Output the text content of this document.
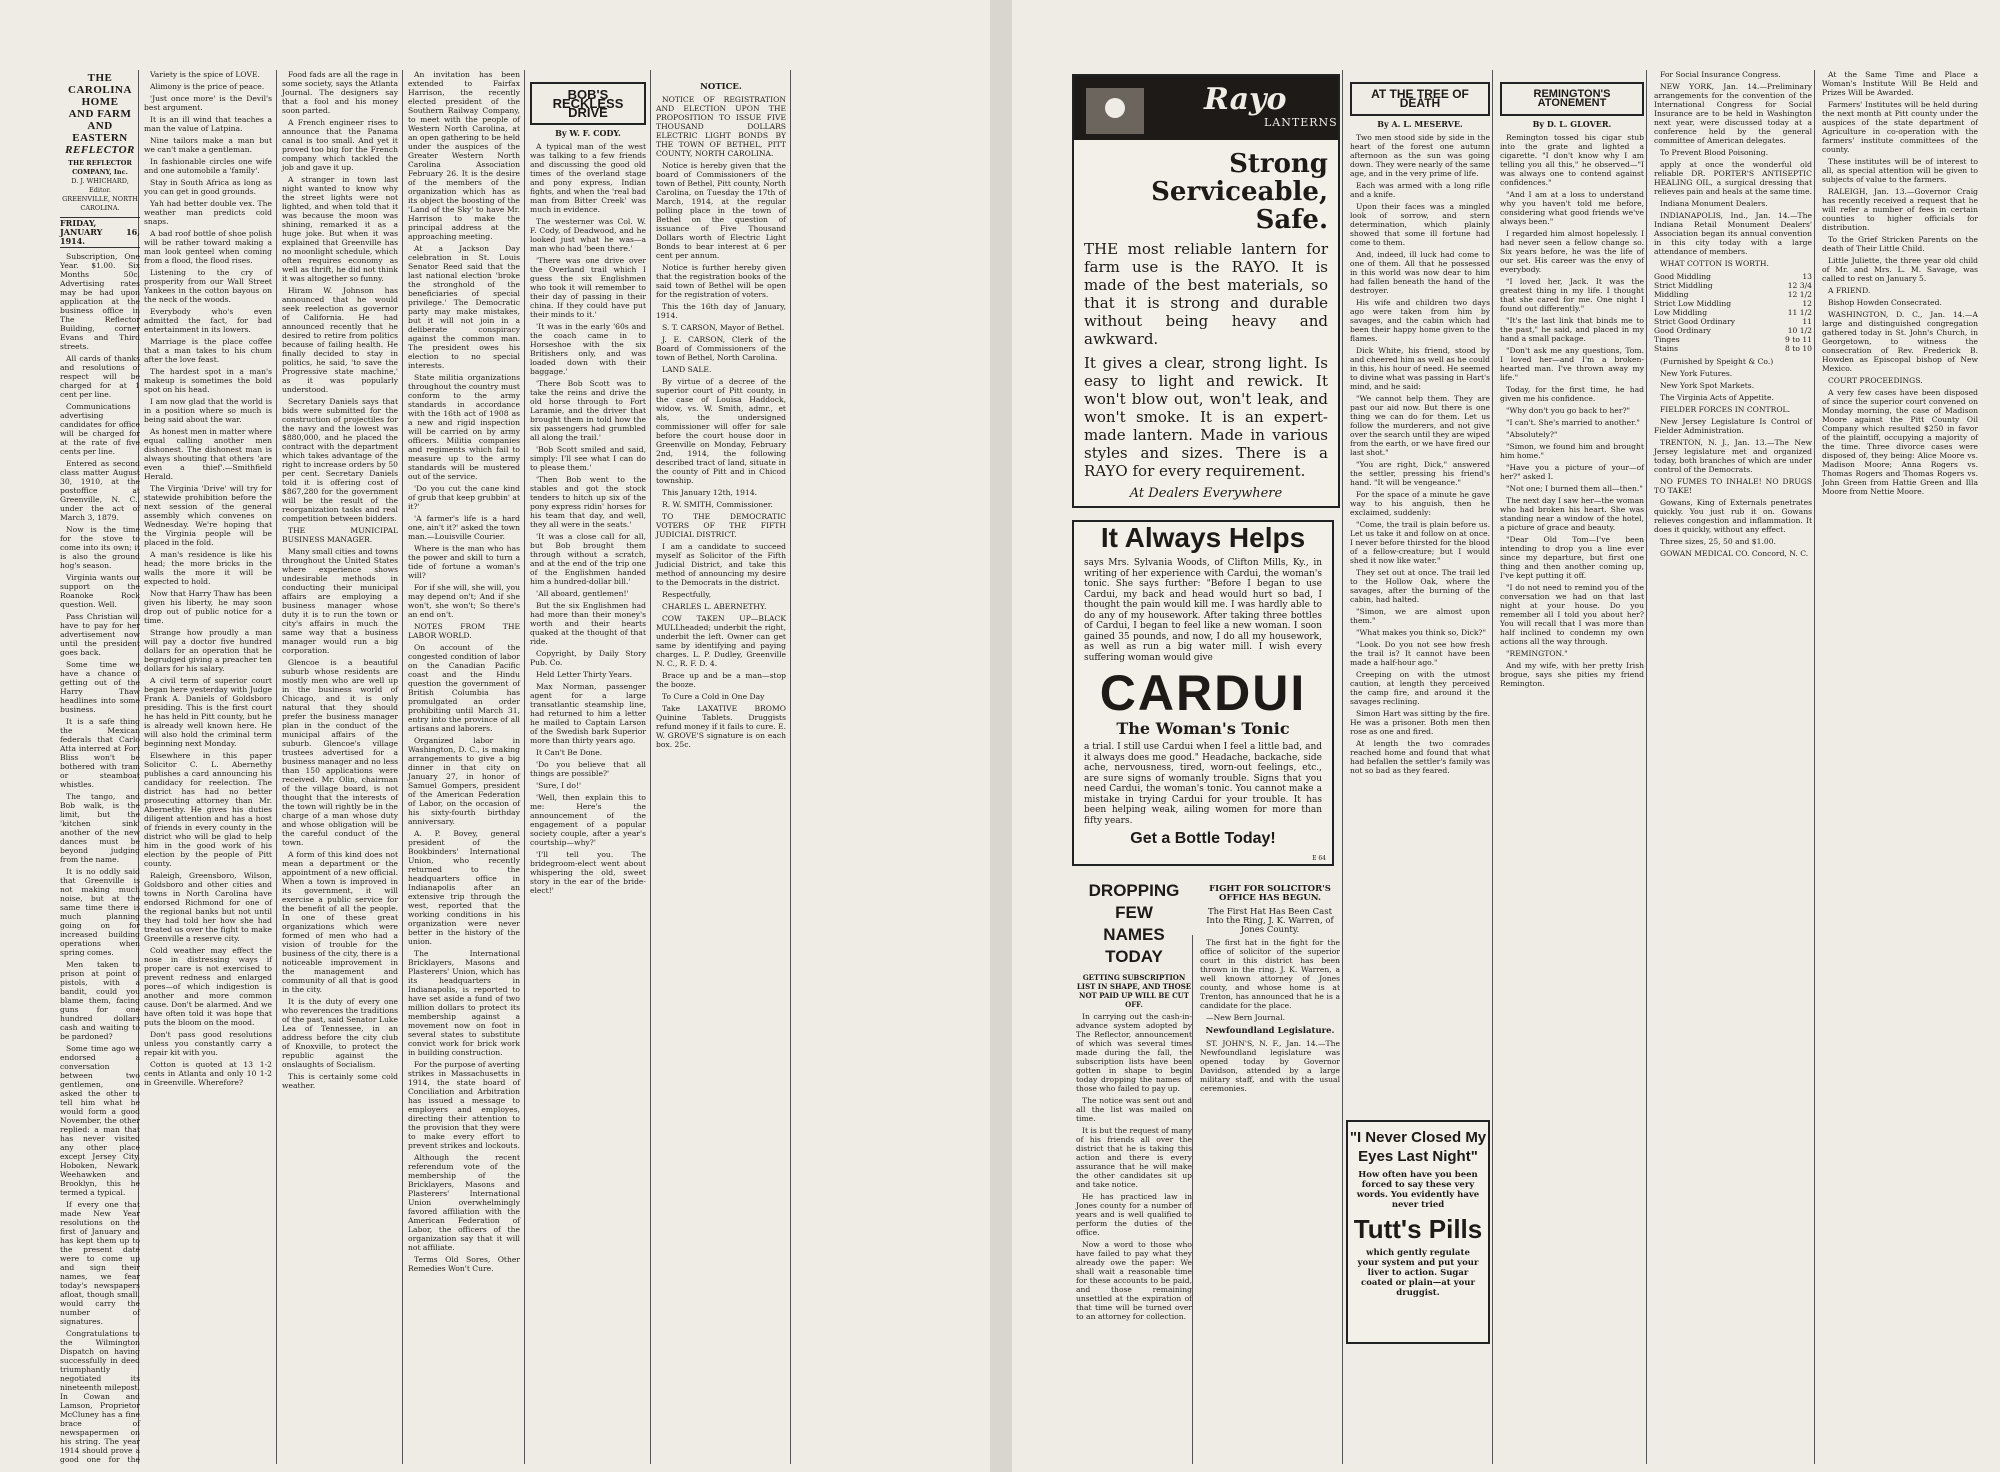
THE CAROLINA HOME
AND FARM AND EASTERN
REFLECTOR
THE REFLECTOR COMPANY, Inc.
D. J. WHICHARD, Editor.
GREENVILLE, NORTH CAROLINA.
FRIDAY, JANUARY 16, 1914.

Subscription, One Year. $1.00. Six Months 50c. Advertising rates may be had upon application at the business office in The Reflector Building, corner Evans and Third streets.

All cards of thanks and resolutions of respect will be charged for at 1 cent per line.

Communications advertising candidates for office will be charged for at the rate of five cents per line.

Entered as second class matter August 30, 1910, at the postoffice at Greenville, N. C., under the act of March 3, 1879.

Now is the time for the stove to come into its own; it is also the ground hog's season.

Virginia wants our support on the Roanoke Rock question. Well.

Pass Christian will have to pay for her advertisement now until the president goes back.

Some time we have a chance of getting out of the Harry Thaw headlines into some business.

It is a safe thing the Mexican federals that Carlo Atta interred at Fort Bliss won't be bothered with tram or steamboat whistles.

The tango, and Bob walk, is the limit, but the 'kitchen sink' another of the new dances must be beyond judging from the name.

It is no oddly said that Greenville is not making much noise, but at the same time there is much planning going on for increased building operations when spring comes.

Men taken to prison at point of pistols, with a bandit, could you blame them, facing guns for one hundred dollars cash and waiting to be pardoned?

Some time ago we endorsed a conversation between two gentlemen, one asked the other to tell him what he would form a good November, the other replied: a man that has never visited any other place except Jersey City, Hoboken, Newark, Weehawken and Brooklyn, this he termed a typical.

If every one that made New Year resolutions on the first of January and has kept them up to the present date were to come up and sign their names, we fear today's newspapers afloat, though small, would carry the number of signatures.

Congratulations to the Wilmington Dispatch on having successfully in deed triumphantly negotiated its nineteenth milepost. In Cowan and Lamson, Proprietor McCluney has a fine brace of newspapermen on his string. The year 1914 should prove a good one for the

Variety is the spice of LOVE.

Alimony is the price of peace.

'Just once more' is the Devil's best argument.

It is an ill wind that teaches a man the value of Latpina.

Nine tailors make a man but we can't make a gentleman.

In fashionable circles one wife and one automobile a 'family'.

Stay in South Africa as long as you can get in good grounds.

Yah had better double vex. The weather man predicts cold snaps.

A bad roof bottle of shoe polish will be rather toward making a man look genteel when coming from a flood, the flood rises.

Listening to the cry of prosperity from our Wall Street Yankees in the cotton bayous on the neck of the woods.

Everybody who's even admitted the fact, for bad entertainment in its lowers.

Marriage is the place coffee that a man takes to his chum after the love feast.

The hardest spot in a man's makeup is sometimes the bold spot on his head.

I am now glad that the world is in a position where so much is being said about the war.

As honest men in matter where equal calling another men dishonest. The dishonest man is always shouting that others 'are even a thief'.—Smithfield Herald.

The Virginia 'Drive' will try for statewide prohibition before the next session of the general assembly which convenes on Wednesday. We're hoping that the Virginia people will be placed in the fold.

A man's residence is like his head; the more bricks in the walls the more it will be expected to hold.

Now that Harry Thaw has been given his liberty, he may soon drop out of public notice for a time.

Strange how proudly a man will pay a doctor five hundred dollars for an operation that he begrudged giving a preacher ten dollars for his salary.

A civil term of superior court began here yesterday with Judge Frank A. Daniels of Goldsboro presiding. This is the first court he has held in Pitt county, but he is already well known here. He will also hold the criminal term beginning next Monday.

Elsewhere in this paper Solicitor C. L. Abernethy publishes a card announcing his candidacy for reelection. The district has had no better prosecuting attorney than Mr. Abernethy. He gives his duties diligent attention and has a host of friends in every county in the district who will be glad to help him in the good work of his election by the people of Pitt county.

Raleigh, Greensboro, Wilson, Goldsboro and other cities and towns in North Carolina have endorsed Richmond for one of the regional banks but not until they had told her how she had treated us over the fight to make Greenville a reserve city.

Cold weather may effect the nose in distressing ways if proper care is not exercised to prevent redness and enlarged pores—of which indigestion is another and more common cause. Don't be alarmed. And we have often told it was hope that puts the bloom on the mood.

Don't pass good resolutions unless you constantly carry a repair kit with you.

Cotton is quoted at 13 1-2 cents in Atlanta and only 10 1-2 in Greenville. Wherefore?

Food fads are all the rage in some society, says the Atlanta Journal. The designers say that a fool and his money soon parted.

A French engineer rises to announce that the Panama canal is too small. And yet it proved too big for the French company which tackled the job and gave it up.

A stranger in town last night wanted to know why the street lights were not lighted, and when told that it was because the moon was shining, remarked it as a huge joke. But when it was explained that Greenville has no moonlight schedule, which often requires economy as well as thrift, he did not think it was altogether so funny.

Hiram W. Johnson has announced that he would seek reelection as governor of California. He had announced recently that he desired to retire from politics because of failing health. He finally decided to stay in politics, he said, 'to save the Progressive state machine,' as it was popularly understood.

Secretary Daniels says that bids were submitted for the construction of projectiles for the navy and the lowest was $880,000, and he placed the contract with the department which takes advantage of the right to increase orders by 50 per cent. Secretary Daniels told it is offering cost of $867,280 for the government will be the result of the reorganization tasks and real competition between bidders.

THE MUNICIPAL BUSINESS MANAGER.

Many small cities and towns throughout the United States where experience shows undesirable methods in conducting their municipal affairs are employing a business manager whose duty it is to run the town or city's affairs in much the same way that a business manager would run a big corporation.

Glencoe is a beautiful suburb whose residents are mostly men who are well up in the business world of Chicago, and it is only natural that they should prefer the business manager plan in the conduct of the municipal affairs of the suburb. Glencoe's village trustees advertised for a business manager and no less than 150 applications were received. Mr. Olin, chairman of the village board, is not thought that the interests of the town will rightly be in the charge of a man whose duty and whose obligation will be the careful conduct of the town.

A form of this kind does not mean a department or the appointment of a new official. When a town is improved in its government, it will exercise a public service for the benefit of all the people. In one of these great organizations which were formed of men who had a vision of trouble for the business of the city, there is a noticeable improvement in the management and community of all that is good in the city.

It is the duty of every one who reverences the traditions of the past, said Senator Luke Lea of Tennessee, in an address before the city club of Knoxville, to protect the republic against the onslaughts of Socialism.

This is certainly some cold weather.

An invitation has been extended to Fairfax Harrison, the recently elected president of the Southern Railway Company, to meet with the people of Western North Carolina, at an open gathering to be held under the auspices of the Greater Western North Carolina Association February 26. It is the desire of the members of the organization which has as its object the boosting of the 'Land of the Sky' to have Mr. Harrison to make the principal address at the approaching meeting.

At a Jackson Day celebration in St. Louis Senator Reed said that the last national election 'broke the stronghold of the beneficiaries of special privilege.' The Democratic party may make mistakes, but it will not join in a deliberate conspiracy against the common man. The president owes his election to no special interests.

State militia organizations throughout the country must conform to the army standards in accordance with the 16th act of 1908 as a new and rigid inspection will be carried on by army officers. Militia companies and regiments which fail to measure up to the army standards will be mustered out of the service.

'Do you cut the cane kind of grub that keep grubbin' at it?'

'A farmer's life is a hard one, ain't it?' asked the town man.—Louisville Courier.

Where is the man who has the power and skill to turn a tide of fortune a woman's will?

For if she will, she will, you may depend on't; And if she won't, she won't; So there's an end on't.

NOTES FROM THE LABOR WORLD.

On account of the congested condition of labor on the Canadian Pacific coast and the Hindu question the government of British Columbia has promulgated an order prohibiting until March 31, entry into the province of all artisans and laborers.

Organized labor in Washington, D. C., is making arrangements to give a big dinner in that city on January 27, in honor of Samuel Gompers, president of the American Federation of Labor, on the occasion of his sixty-fourth birthday anniversary.

A. P. Bovey, general president of the Bookbinders' International Union, who recently returned to the headquarters office in Indianapolis after an extensive trip through the west, reported that the working conditions in his organization were never better in the history of the union.

The International Bricklayers, Masons and Plasterers' Union, which has its headquarters in Indianapolis, is reported to have set aside a fund of two million dollars to protect its membership against a movement now on foot in several states to substitute convict work for brick work in building construction.

For the purpose of averting strikes in Massachusetts in 1914, the state board of Conciliation and Arbitration has issued a message to employers and employes, directing their attention to the provision that they were to make every effort to prevent strikes and lockouts.

Although the recent referendum vote of the membership of the Bricklayers, Masons and Plasterers' International Union overwhelmingly favored affiliation with the American Federation of Labor, the officers of the organization say that it will not affiliate.

Terms Old Sores, Other Remedies Won't Cure.

BOB'S RECKLESS DRIVE
By W. F. CODY.

A typical man of the west was talking to a few friends and discussing the good old times of the overland stage and pony express, Indian fights, and when the 'real bad man from Bitter Creek' was much in evidence.

The westerner was Col. W. F. Cody, of Deadwood, and he looked just what he was—a man who had 'been there.'

'There was one drive over the Overland trail which I guess the six Englishmen who took it will remember to their day of passing in their china. If they could have put their minds to it.'

'It was in the early '60s and the coach came in to Horseshoe with the six Britishers only, and was loaded down with their baggage.'

'There Bob Scott was to take the reins and drive the old horse through to Fort Laramie, and the driver that brought them in told how the six passengers had grumbled all along the trail.'

'Bob Scott smiled and said, simply: I'll see what I can do to please them.'

'Then Bob went to the stables and got the stock tenders to hitch up six of the pony express ridin' horses for his team that day, and well, they all were in the seats.'

'It was a close call for all, but Bob brought them through without a scratch, and at the end of the trip one of the Englishmen handed him a hundred-dollar bill.'

'All aboard, gentlemen!'

But the six Englishmen had had more than their money's worth and their hearts quaked at the thought of that ride.

Copyright, by Daily Story Pub. Co.

Held Letter Thirty Years.

Max Norman, passenger agent for a large transatlantic steamship line, had returned to him a letter he mailed to Captain Larson of the Swedish bark Superior more than thirty years ago.

It Can't Be Done.

'Do you believe that all things are possible?'

'Sure, I do!'

'Well, then explain this to me: Here's the announcement of the engagement of a popular society couple, after a year's courtship—why?'

'I'll tell you. The bridegroom-elect went about whispering the old, sweet story in the ear of the bride-elect!'

NOTICE.

NOTICE OF REGISTRATION AND ELECTION UPON THE PROPOSITION TO ISSUE FIVE THOUSAND DOLLARS ELECTRIC LIGHT BONDS BY THE TOWN OF BETHEL, PITT COUNTY, NORTH CAROLINA.

Notice is hereby given that the board of Commissioners of the town of Bethel, Pitt county, North Carolina, on Tuesday the 17th of March, 1914, at the regular polling place in the town of Bethel on the question of issuance of Five Thousand Dollars worth of Electric Light Bonds to bear interest at 6 per cent per annum.

Notice is further hereby given that the registration books of the said town of Bethel will be open for the registration of voters.

This the 16th day of January, 1914.

S. T. CARSON, Mayor of Bethel.

J. E. CARSON, Clerk of the Board of Commissioners of the town of Bethel, North Carolina.

LAND SALE.

By virtue of a decree of the superior court of Pitt county, in the case of Louisa Haddock, widow, vs. W. Smith, admr., et als, the undersigned commissioner will offer for sale before the court house door in Greenville on Monday, February 2nd, 1914, the following described tract of land, situate in the county of Pitt and in Chicod township.

This January 12th, 1914.

R. W. SMITH, Commissioner.

TO THE DEMOCRATIC VOTERS OF THE FIFTH JUDICIAL DISTRICT.

I am a candidate to succeed myself as Solicitor of the Fifth Judicial District, and take this method of announcing my desire to the Democrats in the district.

Respectfully,

CHARLES L. ABERNETHY.

COW TAKEN UP—BLACK MULLheaded; underbit the right, underbit the left. Owner can get same by identifying and paying charges. L. P. Dudley, Greenville N. C., R. F. D. 4.

Brace up and be a man—stop the booze.

To Cure a Cold in One Day

Take LAXATIVE BROMO Quinine Tablets. Druggists refund money if it fails to cure. E. W. GROVE'S signature is on each box. 25c.

Rayo
LANTERNS
Strong
Serviceable, Safe.
THE most reliable lantern for farm use is the RAYO. It is made of the best materials, so that it is strong and durable without being heavy and awkward.
It gives a clear, strong light. Is easy to light and rewick. It won't blow out, won't leak, and won't smoke. It is an expert-made lantern. Made in various styles and sizes. There is a RAYO for every requirement.
At Dealers Everywhere
It Always Helps
says Mrs. Sylvania Woods, of Clifton Mills, Ky., in writing of her experience with Cardui, the woman's tonic. She says further: "Before I began to use Cardui, my back and head would hurt so bad, I thought the pain would kill me. I was hardly able to do any of my housework. After taking three bottles of Cardui, I began to feel like a new woman. I soon gained 35 pounds, and now, I do all my housework, as well as run a big water mill. I wish every suffering woman would give
CARDUI
The Woman's Tonic
a trial. I still use Cardui when I feel a little bad, and it always does me good." Headache, backache, side ache, nervousness, tired, worn-out feelings, etc., are sure signs of womanly trouble. Signs that you need Cardui, the woman's tonic. You cannot make a mistake in trying Cardui for your trouble. It has been helping weak, ailing women for more than fifty years.
Get a Bottle Today!
E 64
DROPPING FEW
NAMES TODAY
GETTING SUBSCRIPTION LIST IN SHAPE, AND THOSE NOT PAID UP WILL BE CUT OFF.

In carrying out the cash-in-advance system adopted by The Reflector, announcement of which was several times made during the fall, the subscription lists have been gotten in shape to begin today dropping the names of those who failed to pay up.

The notice was sent out and all the list was mailed on time.

It is but the request of many of his friends all over the district that he is taking this action and there is every assurance that he will make the other candidates sit up and take notice.

He has practiced law in Jones county for a number of years and is well qualified to perform the duties of the office.

Now a word to those who have failed to pay what they already owe the paper: We shall wait a reasonable time for these accounts to be paid, and those remaining unsettled at the expiration of that time will be turned over to an attorney for collection.

FIGHT FOR SOLICITOR'S OFFICE HAS BEGUN.
The First Hat Has Been Cast Into the Ring, J. K. Warren, of Jones County.

The first hat in the fight for the office of solicitor of the superior court in this district has been thrown in the ring. J. K. Warren, a well known attorney of Jones county, and whose home is at Trenton, has announced that he is a candidate for the place.

—New Bern Journal.

Newfoundland Legislature.

ST. JOHN'S, N. F., Jan. 14.—The Newfoundland legislature was opened today by Governor Davidson, attended by a large military staff, and with the usual ceremonies.

"I Never Closed My
Eyes Last Night"
How often have you been forced to say these very words. You evidently have never tried
Tutt's Pills
which gently regulate your system and put your liver to action. Sugar coated or plain—at your druggist.
AT THE TREE OF DEATH
By A. L. MESERVE.

Two men stood side by side in the heart of the forest one autumn afternoon as the sun was going down. They were nearly of the same age, and in the very prime of life.

Each was armed with a long rifle and a knife.

Upon their faces was a mingled look of sorrow, and stern determination, which plainly showed that some ill fortune had come to them.

And, indeed, ill luck had come to one of them. All that he possessed in this world was now dear to him had fallen beneath the hand of the destroyer.

His wife and children two days ago were taken from him by savages, and the cabin which had been their happy home given to the flames.

Dick White, his friend, stood by and cheered him as well as he could in this, his hour of need. He seemed to divine what was passing in Hart's mind, and he said:

"We cannot help them. They are past our aid now. But there is one thing we can do for them. Let us follow the murderers, and not give over the search until they are wiped from the earth, or we have fired our last shot."

"You are right, Dick," answered the settler, pressing his friend's hand. "It will be vengeance."

For the space of a minute he gave way to his anguish, then he exclaimed, suddenly:

"Come, the trail is plain before us. Let us take it and follow on at once. I never before thirsted for the blood of a fellow-creature; but I would shed it now like water."

They set out at once. The trail led to the Hollow Oak, where the savages, after the burning of the cabin, had halted.

"Simon, we are almost upon them."

"What makes you think so, Dick?"

"Look. Do you not see how fresh the trail is? It cannot have been made a half-hour ago."

Creeping on with the utmost caution, at length they perceived the camp fire, and around it the savages reclining.

Simon Hart was sitting by the fire. He was a prisoner. Both men then rose as one and fired.

At length the two comrades reached home and found that what had befallen the settler's family was not so bad as they feared.

REMINGTON'S ATONEMENT
By D. L. GLOVER.

Remington tossed his cigar stub into the grate and lighted a cigarette. "I don't know why I am telling you all this," he observed—"I was always one to contend against confidences."

"And I am at a loss to understand why you haven't told me before, considering what good friends we've always been."

I regarded him almost hopelessly. I had never seen a fellow change so. Six years before, he was the life of our set. His career was the envy of everybody.

"I loved her, Jack. It was the greatest thing in my life. I thought that she cared for me. One night I found out differently."

"It's the last link that binds me to the past," he said, and placed in my hand a small package.

"Don't ask me any questions, Tom. I loved her—and I'm a broken-hearted man. I've thrown away my life."

Today, for the first time, he had given me his confidence.

"Why don't you go back to her?"

"I can't. She's married to another."

"Absolutely?"

"Simon, we found him and brought him home."

"Have you a picture of your—of her?" asked I.

"Not one; I burned them all—then."

The next day I saw her—the woman who had broken his heart. She was standing near a window of the hotel, a picture of grace and beauty.

"Dear Old Tom—I've been intending to drop you a line ever since my departure, but first one thing and then another coming up, I've kept putting it off.

"I do not need to remind you of the conversation we had on that last night at your house. Do you remember all I told you about her? You will recall that I was more than half inclined to condemn my own actions all the way through.

"REMINGTON."

And my wife, with her pretty Irish brogue, says she pities my friend Remington.

For Social Insurance Congress.

NEW YORK, Jan. 14.—Preliminary arrangements for the convention of the International Congress for Social Insurance are to be held in Washington next year, were discussed today at a conference held by the general committee of American delegates.

To Prevent Blood Poisoning.

apply at once the wonderful old reliable DR. PORTER'S ANTISEPTIC HEALING OIL, a surgical dressing that relieves pain and heals at the same time.

Indiana Monument Dealers.

INDIANAPOLIS, Ind., Jan. 14.—The Indiana Retail Monument Dealers' Association began its annual convention in this city today with a large attendance of members.

WHAT COTTON IS WORTH.

Good Middling	13
Strict Middling	12 3/4
Middling	12 1/2
Strict Low Middling	12
Low Middling	11 1/2
Strict Good Ordinary	11
Good Ordinary	10 1/2
Tinges	9 to 11
Stains	8 to 10

(Furnished by Speight & Co.)

New York Futures.

New York Spot Markets.

The Virginia Acts of Appetite.

FIELDER FORCES IN CONTROL.

New Jersey Legislature Is Control of Fielder Administration.

TRENTON, N. J., Jan. 13.—The New Jersey legislature met and organized today, both branches of which are under control of the Democrats.

NO FUMES TO INHALE! NO DRUGS TO TAKE!

Gowans, King of Externals penetrates quickly. You just rub it on. Gowans relieves congestion and inflammation. It does it quickly, without any effect.

Three sizes, 25, 50 and $1.00.

GOWAN MEDICAL CO. Concord, N. C.

At the Same Time and Place a Woman's Institute Will Be Held and Prizes Will be Awarded.

Farmers' Institutes will be held during the next month at Pitt county under the auspices of the state department of Agriculture in co-operation with the farmers' institute committees of the county.

These institutes will be of interest to all, as special attention will be given to subjects of value to the farmers.

RALEIGH, Jan. 13.—Governor Craig has recently received a request that he will refer a number of fees in certain counties to higher officials for distribution.

To the Grief Stricken Parents on the death of Their Little Child.

Little Juliette, the three year old child of Mr. and Mrs. L. M. Savage, was called to rest on January 5.

A FRIEND.

Bishop Howden Consecrated.

WASHINGTON, D. C., Jan. 14.—A large and distinguished congregation gathered today in St. John's Church, in Georgetown, to witness the consecration of Rev. Frederick B. Howden as Episcopal bishop of New Mexico.

COURT PROCEEDINGS.

A very few cases have been disposed of since the superior court convened on Monday morning, the case of Madison Moore against the Pitt County Oil Company which resulted $250 in favor of the plaintiff, occupying a majority of the time. Three divorce cases were disposed of, they being: Alice Moore vs. Madison Moore; Anna Rogers vs. Thomas Rogers and Thomas Rogers vs. John Green from Hattie Green and Illa Moore from Nettie Moore.
